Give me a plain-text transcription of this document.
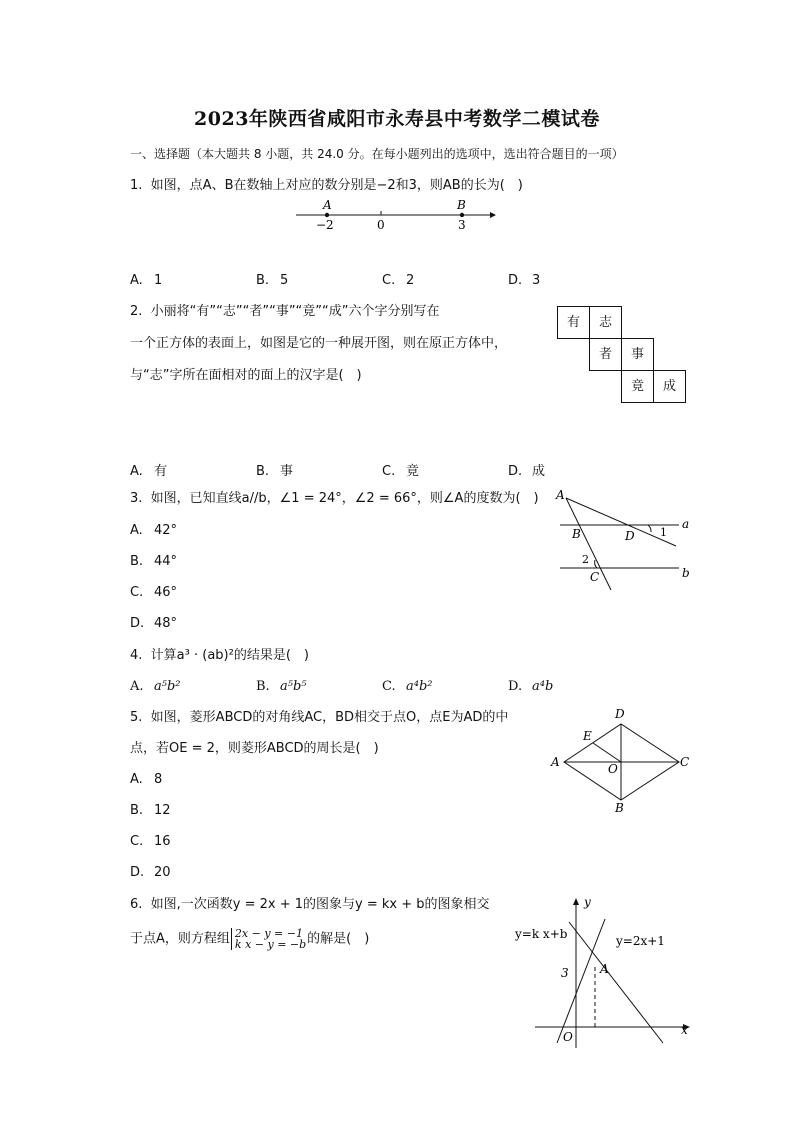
2023年陕西省咸阳市永寿县中考数学二模试卷
一、选择题（本大题共 8 小题，共 24.0 分。在每小题列出的选项中，选出符合题目的一项）
1. 如图，点A、B在数轴上对应的数分别是−2和3，则AB的长为(　)
A	B
−2	0	3
A. 1	B. 5	C. 2	D. 3
2. 小丽将“有”“志”“者”“事”“竟”“成”六个字分别写在
一个正方体的表面上，如图是它的一种展开图，则在原正方体中，
与“志”字所在面相对的面上的汉字是(　)
有	志
者	事
竟	成
A. 有	B. 事	C. 竟	D. 成
3. 如图，已知直线a//b，∠1 = 24°，∠2 = 66°，则∠A的度数为(　) A
B	D
C
a
b
1
2
A. 42°
B. 44°
C. 46°
D. 48°
4. 计算a³ · (ab)²的结果是(　)
A. a⁵b²	B. a⁵b⁵	C. a⁴b²	D. a⁴b
5. 如图，菱形ABCD的对角线AC，BD相交于点O，点E为AD的中
点，若OE = 2，则菱形ABCD的周长是(　)
A
D
C
B
E
O
A. 8
B. 12
C. 16
D. 20
6. 如图,一次函数y = 2x + 1的图象与y = kx + b的图象相交
于点A，则方程组 2x − y = −1
k x − y = −b的解是(　)
y
x
O
A
3
y=k x+b	y=2x+1
